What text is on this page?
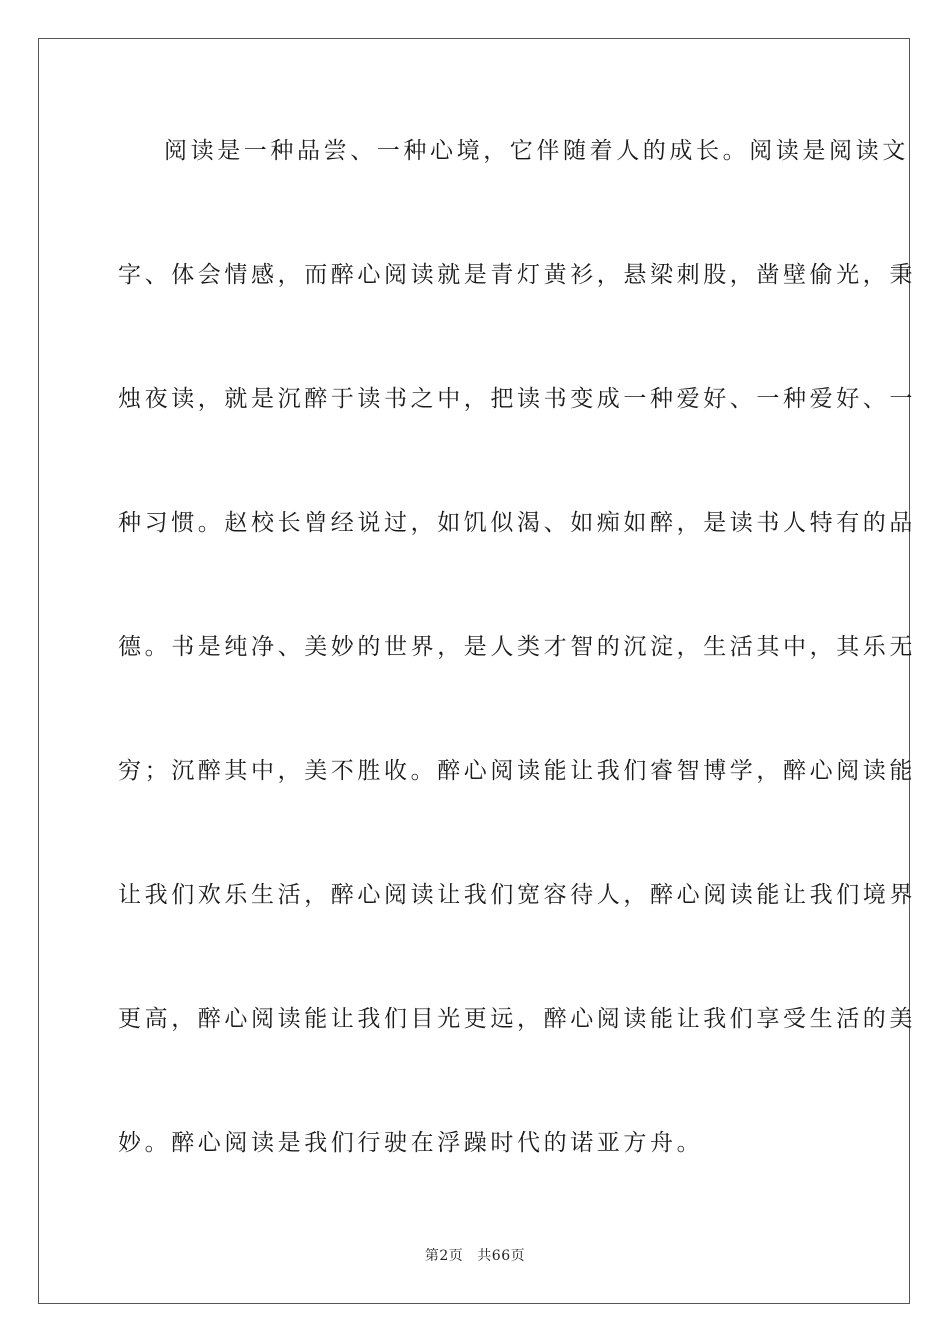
阅读是一种品尝、一种心境，它伴随着人的成长。阅读是阅读文
字、体会情感，而醉心阅读就是青灯黄衫，悬梁刺股，凿壁偷光，秉
烛夜读，就是沉醉于读书之中，把读书变成一种爱好、一种爱好、一
种习惯。赵校长曾经说过，如饥似渴、如痴如醉，是读书人特有的品
德。书是纯净、美妙的世界，是人类才智的沉淀，生活其中，其乐无
穷；沉醉其中，美不胜收。醉心阅读能让我们睿智博学，醉心阅读能
让我们欢乐生活，醉心阅读让我们宽容待人，醉心阅读能让我们境界
更高，醉心阅读能让我们目光更远，醉心阅读能让我们享受生活的美
妙。醉心阅读是我们行驶在浮躁时代的诺亚方舟。
第2页 共66页
